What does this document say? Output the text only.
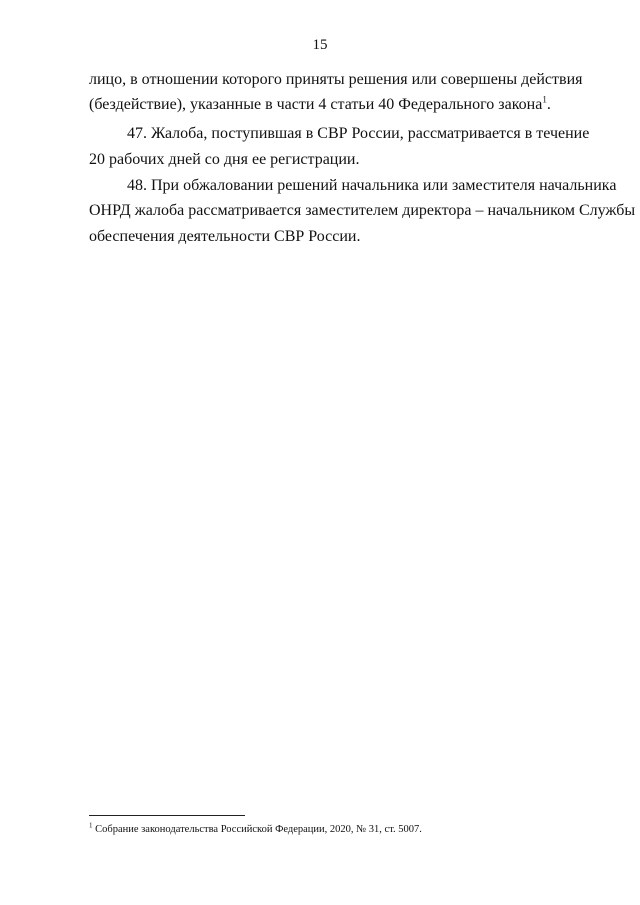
15
лицо, в отношении которого приняты решения или совершены действия
(бездействие), указанные в части 4 статьи 40 Федерального закона$^1$.
47. Жалоба, поступившая в СВР России, рассматривается в течение
20 рабочих дней со дня ее регистрации.
48. При обжаловании решений начальника или заместителя начальника
ОНРД жалоба рассматривается заместителем директора – начальником Службы
обеспечения деятельности СВР России.
$^1$ Собрание законодательства Российской Федерации, 2020, № 31, ст. 5007.
